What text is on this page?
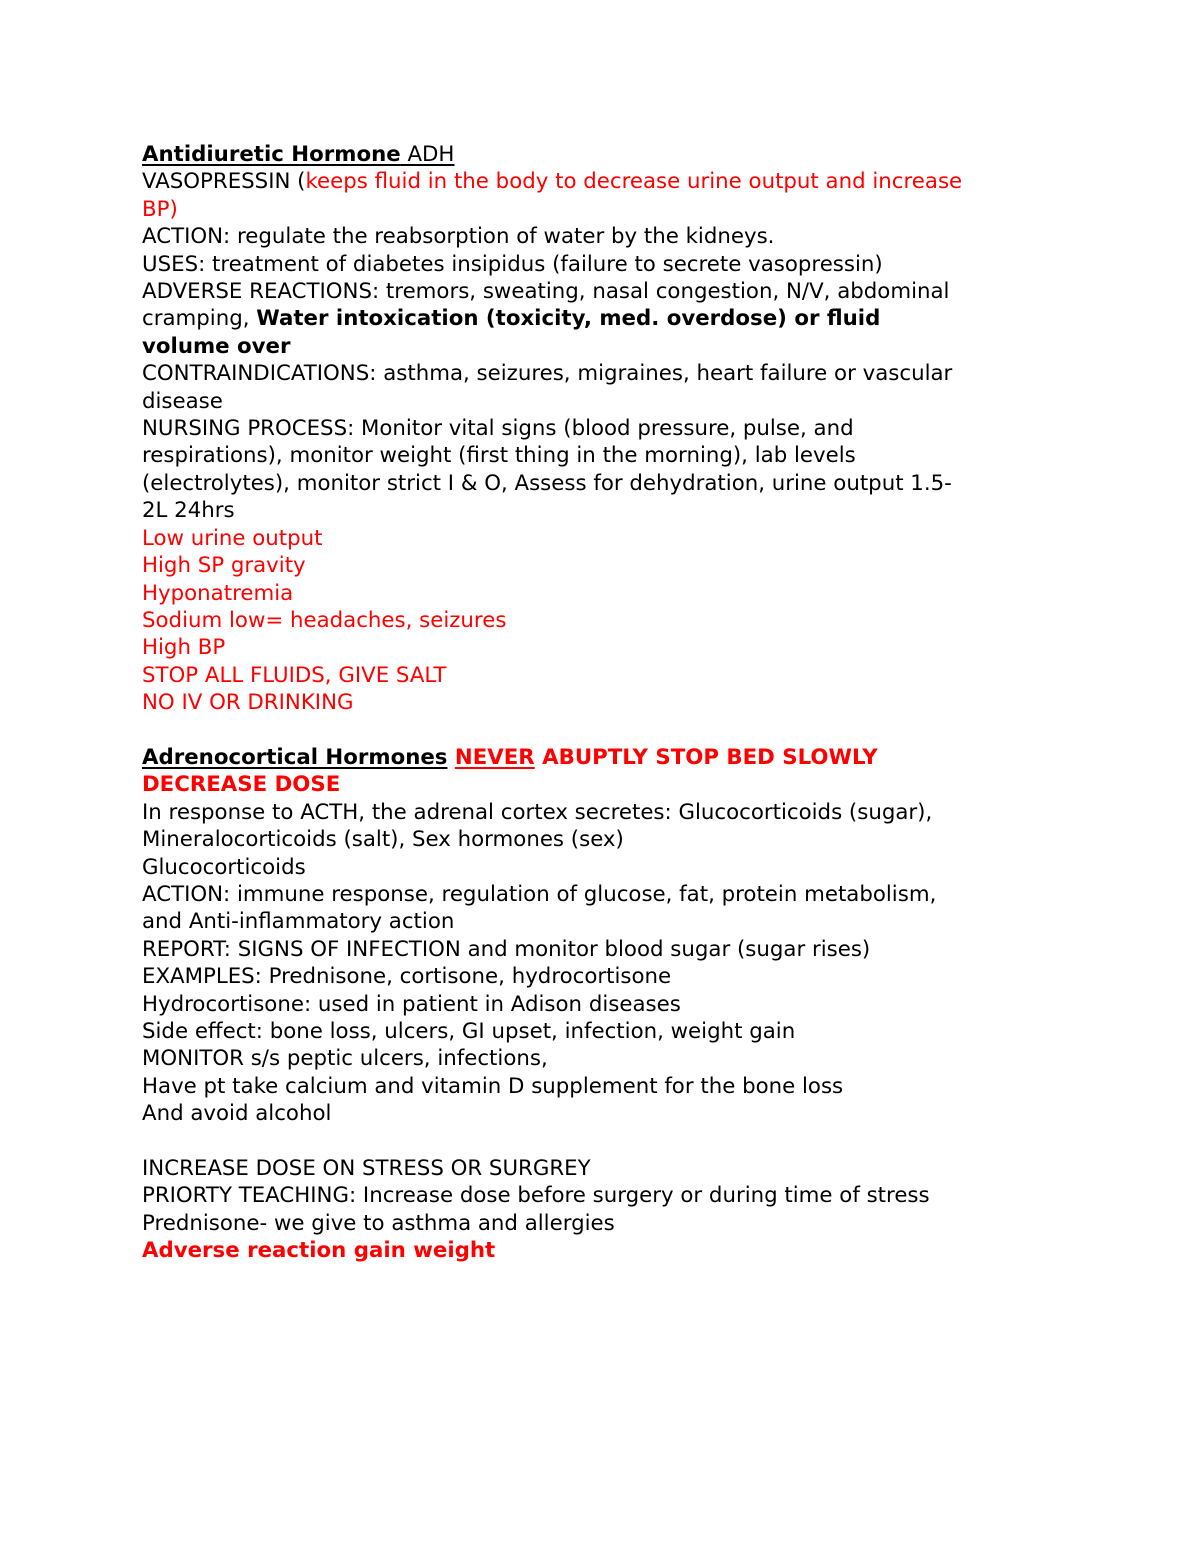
Antidiuretic Hormone ADH
VASOPRESSIN (keeps fluid in the body to decrease urine output and increase
BP)
ACTION: regulate the reabsorption of water by the kidneys.
USES: treatment of diabetes insipidus (failure to secrete vasopressin)
ADVERSE REACTIONS: tremors, sweating, nasal congestion, N/V, abdominal
cramping, Water intoxication (toxicity, med. overdose) or fluid
volume over
CONTRAINDICATIONS: asthma, seizures, migraines, heart failure or vascular
disease
NURSING PROCESS: Monitor vital signs (blood pressure, pulse, and
respirations), monitor weight (first thing in the morning), lab levels
(electrolytes), monitor strict I & O, Assess for dehydration, urine output 1.5-
2L 24hrs
Low urine output
High SP gravity
Hyponatremia
Sodium low= headaches, seizures
High BP
STOP ALL FLUIDS, GIVE SALT
NO IV OR DRINKING
Adrenocortical Hormones NEVER ABUPTLY STOP BED SLOWLY
DECREASE DOSE
In response to ACTH, the adrenal cortex secretes: Glucocorticoids (sugar),
Mineralocorticoids (salt), Sex hormones (sex)
Glucocorticoids
ACTION: immune response, regulation of glucose, fat, protein metabolism,
and Anti-inflammatory action
REPORT: SIGNS OF INFECTION and monitor blood sugar (sugar rises)
EXAMPLES: Prednisone, cortisone, hydrocortisone
Hydrocortisone: used in patient in Adison diseases
Side effect: bone loss, ulcers, GI upset, infection, weight gain
MONITOR s/s peptic ulcers, infections,
Have pt take calcium and vitamin D supplement for the bone loss
And avoid alcohol
INCREASE DOSE ON STRESS OR SURGREY
PRIORTY TEACHING: Increase dose before surgery or during time of stress
Prednisone- we give to asthma and allergies
Adverse reaction gain weight
